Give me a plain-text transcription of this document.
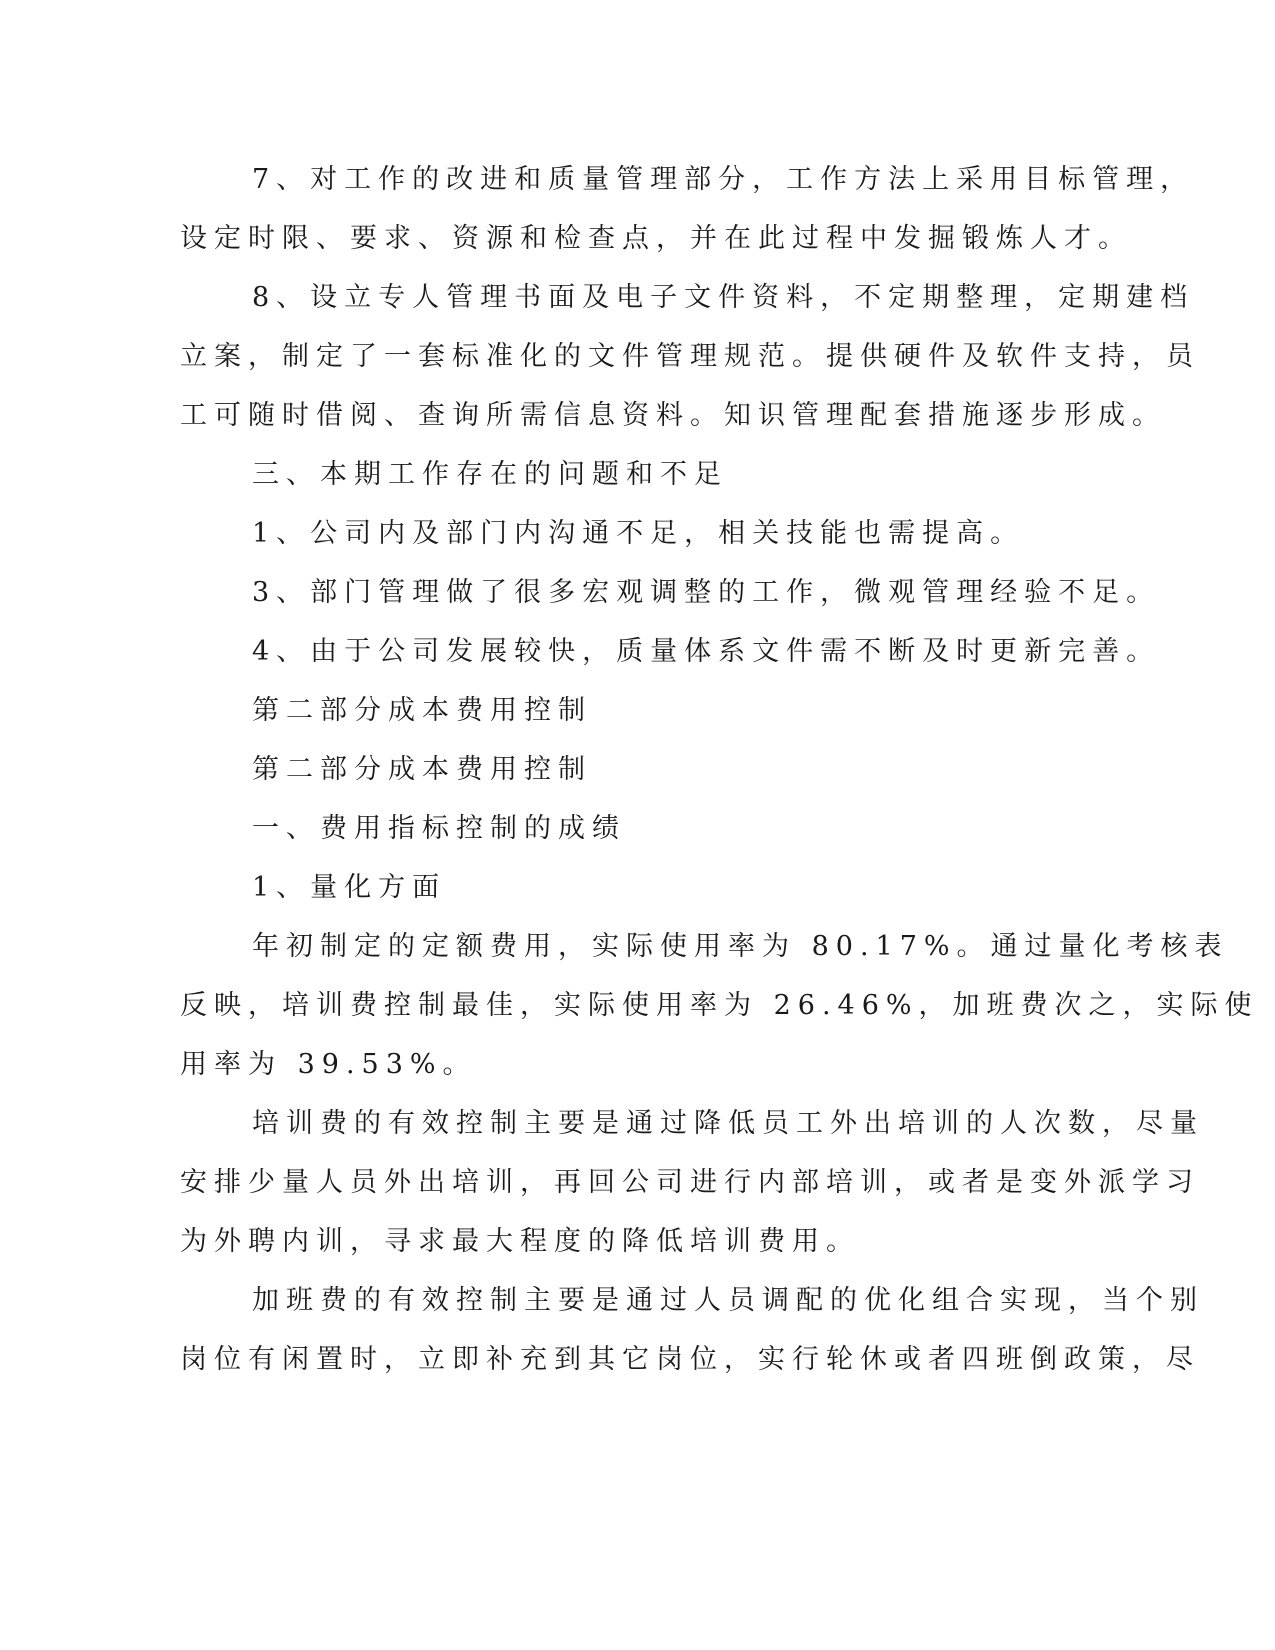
7、对工作的改进和质量管理部分，工作方法上采用目标管理，
设定时限、要求、资源和检查点，并在此过程中发掘锻炼人才。
8、设立专人管理书面及电子文件资料，不定期整理，定期建档
立案，制定了一套标准化的文件管理规范。提供硬件及软件支持，员
工可随时借阅、查询所需信息资料。知识管理配套措施逐步形成。
三、本期工作存在的问题和不足
1、公司内及部门内沟通不足，相关技能也需提高。
3、部门管理做了很多宏观调整的工作，微观管理经验不足。
4、由于公司发展较快，质量体系文件需不断及时更新完善。
第二部分成本费用控制
第二部分成本费用控制
一、费用指标控制的成绩
1、量化方面
年初制定的定额费用，实际使用率为 80.17%。通过量化考核表
反映，培训费控制最佳，实际使用率为 26.46%，加班费次之，实际使
用率为 39.53%。
培训费的有效控制主要是通过降低员工外出培训的人次数，尽量
安排少量人员外出培训，再回公司进行内部培训，或者是变外派学习
为外聘内训，寻求最大程度的降低培训费用。
加班费的有效控制主要是通过人员调配的优化组合实现，当个别
岗位有闲置时，立即补充到其它岗位，实行轮休或者四班倒政策，尽
